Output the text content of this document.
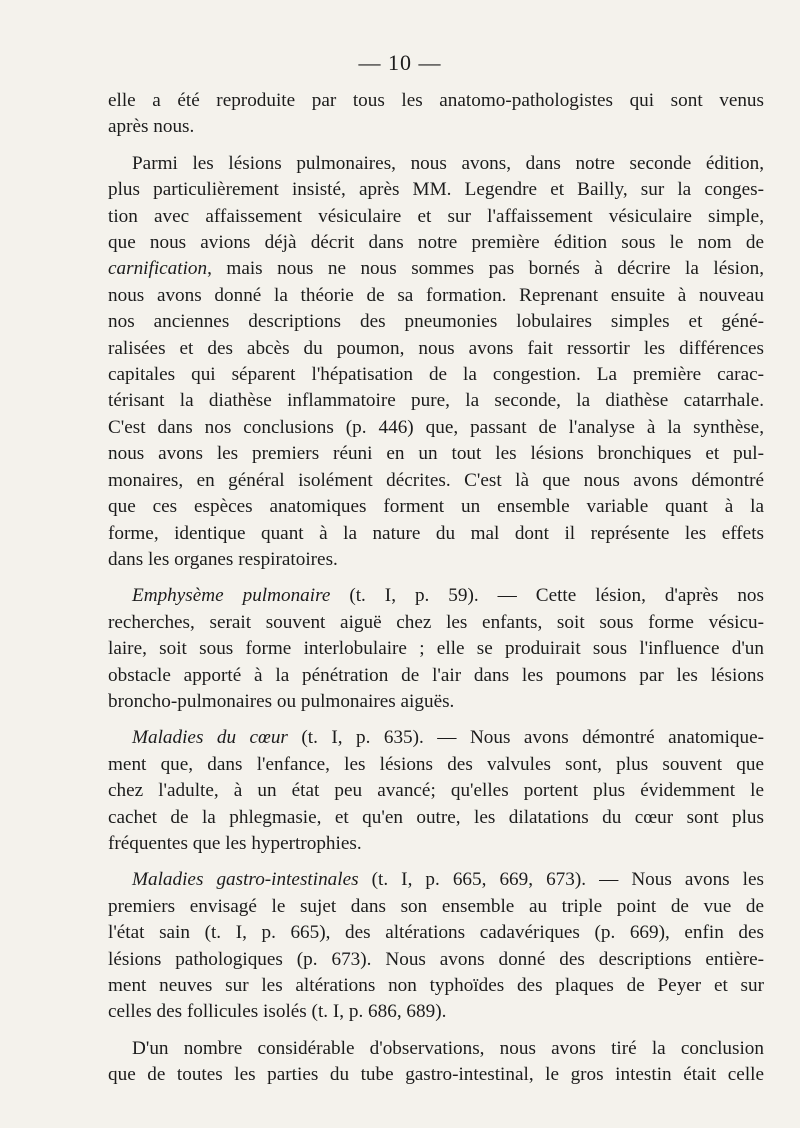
— 10 —
elle a été reproduite par tous les anatomo-pathologistes qui sont venus
après nous.
Parmi les lésions pulmonaires, nous avons, dans notre seconde édition,
plus particulièrement insisté, après MM. Legendre et Bailly, sur la conges-
tion avec affaissement vésiculaire et sur l'affaissement vésiculaire simple,
que nous avions déjà décrit dans notre première édition sous le nom de
carnification, mais nous ne nous sommes pas bornés à décrire la lésion,
nous avons donné la théorie de sa formation. Reprenant ensuite à nouveau
nos anciennes descriptions des pneumonies lobulaires simples et géné-
ralisées et des abcès du poumon, nous avons fait ressortir les différences
capitales qui séparent l'hépatisation de la congestion. La première carac-
térisant la diathèse inflammatoire pure, la seconde, la diathèse catarrhale.
C'est dans nos conclusions (p. 446) que, passant de l'analyse à la synthèse,
nous avons les premiers réuni en un tout les lésions bronchiques et pul-
monaires, en général isolément décrites. C'est là que nous avons démontré
que ces espèces anatomiques forment un ensemble variable quant à la
forme, identique quant à la nature du mal dont il représente les effets
dans les organes respiratoires.
Emphysème pulmonaire (t. I, p. 59). — Cette lésion, d'après nos
recherches, serait souvent aiguë chez les enfants, soit sous forme vésicu-
laire, soit sous forme interlobulaire ; elle se produirait sous l'influence d'un
obstacle apporté à la pénétration de l'air dans les poumons par les lésions
broncho-pulmonaires ou pulmonaires aiguës.
Maladies du cœur (t. I, p. 635). — Nous avons démontré anatomique-
ment que, dans l'enfance, les lésions des valvules sont, plus souvent que
chez l'adulte, à un état peu avancé; qu'elles portent plus évidemment le
cachet de la phlegmasie, et qu'en outre, les dilatations du cœur sont plus
fréquentes que les hypertrophies.
Maladies gastro-intestinales (t. I, p. 665, 669, 673). — Nous avons les
premiers envisagé le sujet dans son ensemble au triple point de vue de
l'état sain (t. I, p. 665), des altérations cadavériques (p. 669), enfin des
lésions pathologiques (p. 673). Nous avons donné des descriptions entière-
ment neuves sur les altérations non typhoïdes des plaques de Peyer et sur
celles des follicules isolés (t. I, p. 686, 689).
D'un nombre considérable d'observations, nous avons tiré la conclusion
que de toutes les parties du tube gastro-intestinal, le gros intestin était celle
